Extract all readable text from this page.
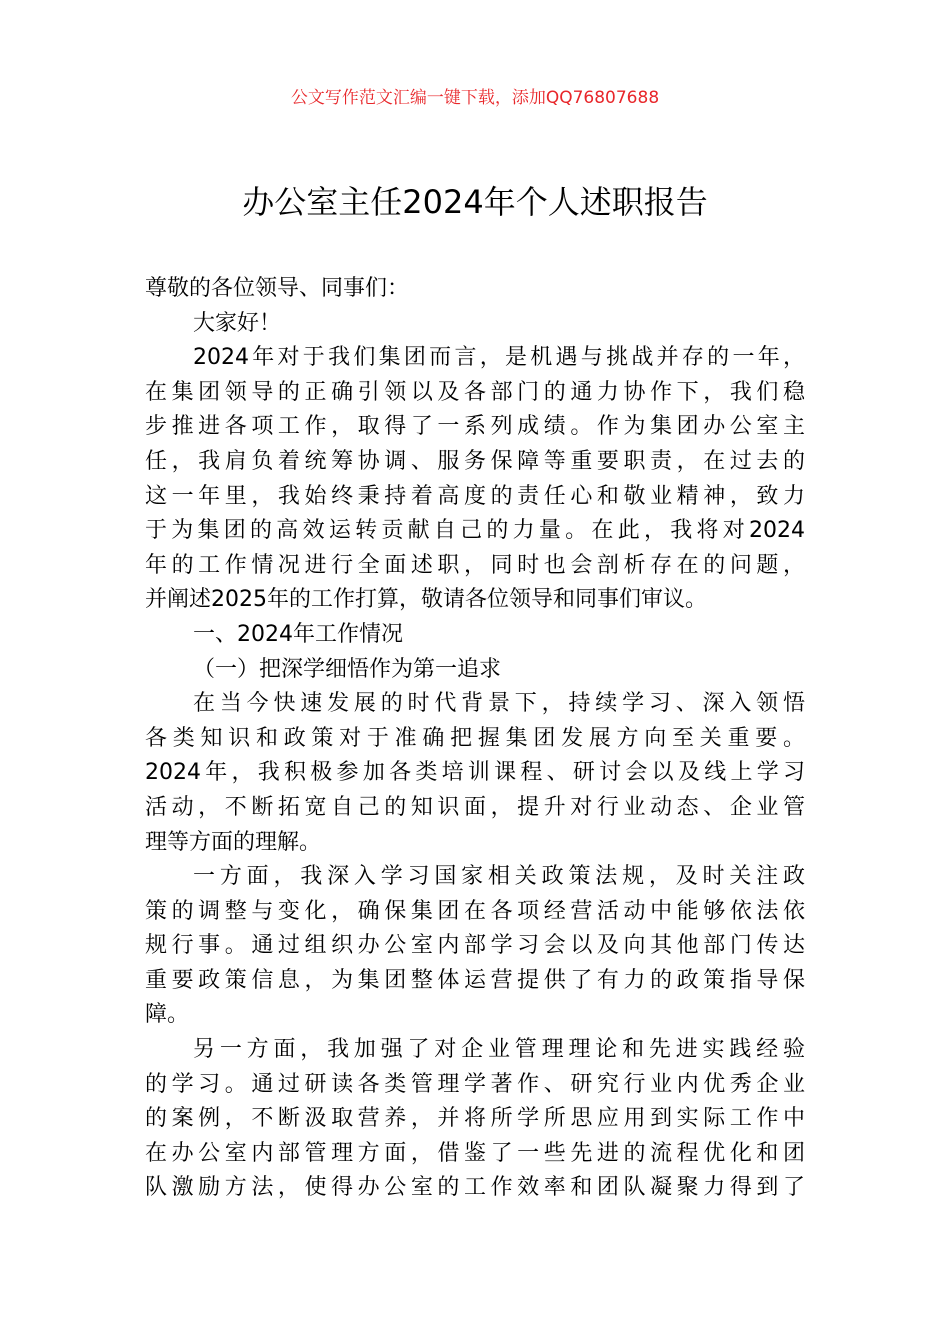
公文写作范文汇编一键下载，添加QQ76807688
办公室主任2024年个人述职报告
尊敬的各位领导、同事们：
大家好！
2024年对于我们集团而言，是机遇与挑战并存的一年，
在集团领导的正确引领以及各部门的通力协作下，我们稳
步推进各项工作，取得了一系列成绩。作为集团办公室主
任，我肩负着统筹协调、服务保障等重要职责，在过去的
这一年里，我始终秉持着高度的责任心和敬业精神，致力
于为集团的高效运转贡献自己的力量。在此，我将对2024
年的工作情况进行全面述职，同时也会剖析存在的问题，
并阐述2025年的工作打算，敬请各位领导和同事们审议。
一、2024年工作情况
（一）把深学细悟作为第一追求
在当今快速发展的时代背景下，持续学习、深入领悟
各类知识和政策对于准确把握集团发展方向至关重要。
2024年，我积极参加各类培训课程、研讨会以及线上学习
活动，不断拓宽自己的知识面，提升对行业动态、企业管
理等方面的理解。
一方面，我深入学习国家相关政策法规，及时关注政
策的调整与变化，确保集团在各项经营活动中能够依法依
规行事。通过组织办公室内部学习会以及向其他部门传达
重要政策信息，为集团整体运营提供了有力的政策指导保
障。
另一方面，我加强了对企业管理理论和先进实践经验
的学习。通过研读各类管理学著作、研究行业内优秀企业
的案例，不断汲取营养，并将所学所思应用到实际工作中
在办公室内部管理方面，借鉴了一些先进的流程优化和团
队激励方法，使得办公室的工作效率和团队凝聚力得到了
